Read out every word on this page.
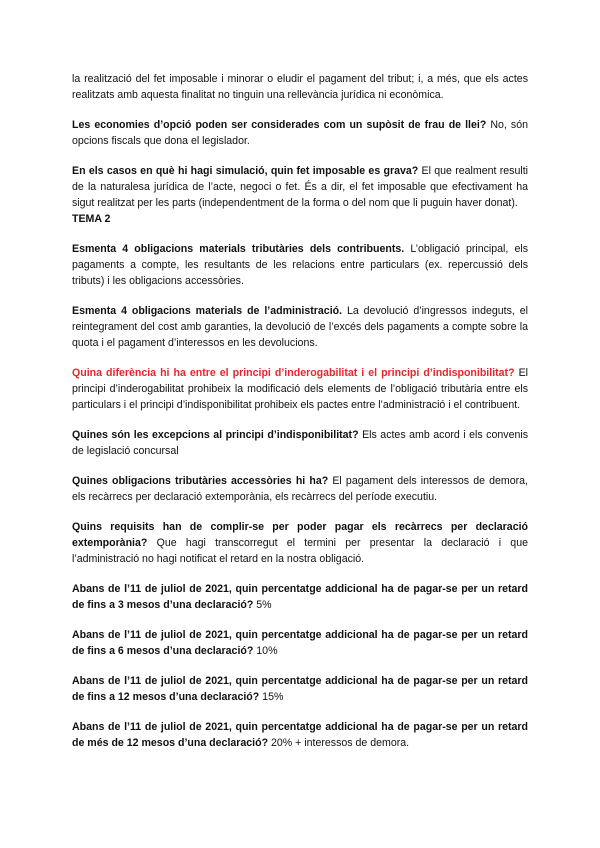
la realització del fet imposable i minorar o eludir el pagament del tribut; i, a més, que els actes realitzats amb aquesta finalitat no tinguin una rellevància jurídica ni econòmica.

Les economies d’opció poden ser considerades com un supòsit de frau de llei? No, són opcions fiscals que dona el legislador.

En els casos en què hi hagi simulació, quin fet imposable es grava? El que realment resulti de la naturalesa jurídica de l’acte, negoci o fet. És a dir, el fet imposable que efectivament ha sigut realitzat per les parts (independentment de la forma o del nom que li puguin haver donat).

TEMA 2

Esmenta 4 obligacions materials tributàries dels contribuents. L’obligació principal, els pagaments a compte, les resultants de les relacions entre particulars (ex. repercussió dels tributs) i les obligacions accessòries.

Esmenta 4 obligacions materials de l’administració. La devolució d’ingressos indeguts, el reintegrament del cost amb garanties, la devolució de l’excés dels pagaments a compte sobre la quota i el pagament d’interessos en les devolucions.

Quina diferència hi ha entre el principi d’inderogabilitat i el principi d’indisponibilitat? El principi d’inderogabilitat prohibeix la modificació dels elements de l’obligació tributària entre els particulars i el principi d’indisponibilitat prohibeix els pactes entre l’administració i el contribuent.

Quines són les excepcions al principi d’indisponibilitat? Els actes amb acord i els convenis de legislació concursal

Quines obligacions tributàries accessòries hi ha? El pagament dels interessos de demora, els recàrrecs per declaració extemporània, els recàrrecs del període executiu.

Quins requisits han de complir-se per poder pagar els recàrrecs per declaració extemporània? Que hagi transcorregut el termini per presentar la declaració i que l’administració no hagi notificat el retard en la nostra obligació.

Abans de l’11 de juliol de 2021, quin percentatge addicional ha de pagar-se per un retard de fins a 3 mesos d’una declaració? 5%

Abans de l’11 de juliol de 2021, quin percentatge addicional ha de pagar-se per un retard de fins a 6 mesos d’una declaració? 10%

Abans de l’11 de juliol de 2021, quin percentatge addicional ha de pagar-se per un retard de fins a 12 mesos d’una declaració? 15%

Abans de l’11 de juliol de 2021, quin percentatge addicional ha de pagar-se per un retard de més de 12 mesos d’una declaració? 20% + interessos de demora.
